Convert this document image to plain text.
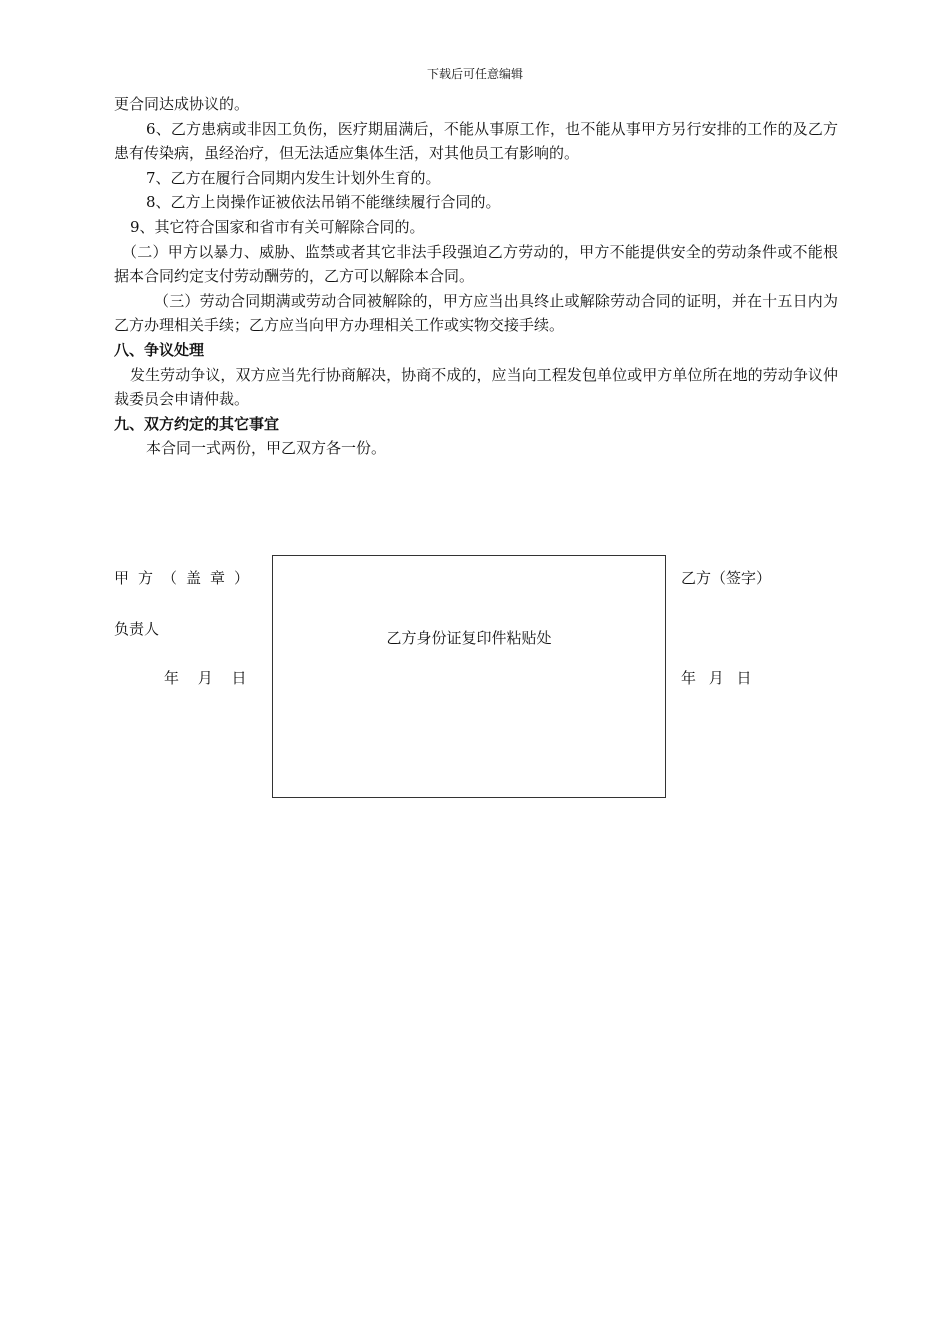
下载后可任意编辑

更合同达成协议的。

6、乙方患病或非因工负伤，医疗期届满后，不能从事原工作，也不能从事甲方另行安排的工作的及乙方患有传染病，虽经治疗，但无法适应集体生活，对其他员工有影响的。

7、乙方在履行合同期内发生计划外生育的。

8、乙方上岗操作证被依法吊销不能继续履行合同的。

9、其它符合国家和省市有关可解除合同的。

（二）甲方以暴力、威胁、监禁或者其它非法手段强迫乙方劳动的，甲方不能提供安全的劳动条件或不能根据本合同约定支付劳动酬劳的，乙方可以解除本合同。

（三）劳动合同期满或劳动合同被解除的，甲方应当出具终止或解除劳动合同的证明，并在十五日内为乙方办理相关手续；乙方应当向甲方办理相关工作或实物交接手续。

八、争议处理

发生劳动争议，双方应当先行协商解决，协商不成的，应当向工程发包单位或甲方单位所在地的劳动争议仲裁委员会申请仲裁。

九、双方约定的其它事宜

本合同一式两份，甲乙双方各一份。

甲方（盖章）
负责人
年 月 日
乙方身份证复印件粘贴处
乙方（签字）
年 月 日
